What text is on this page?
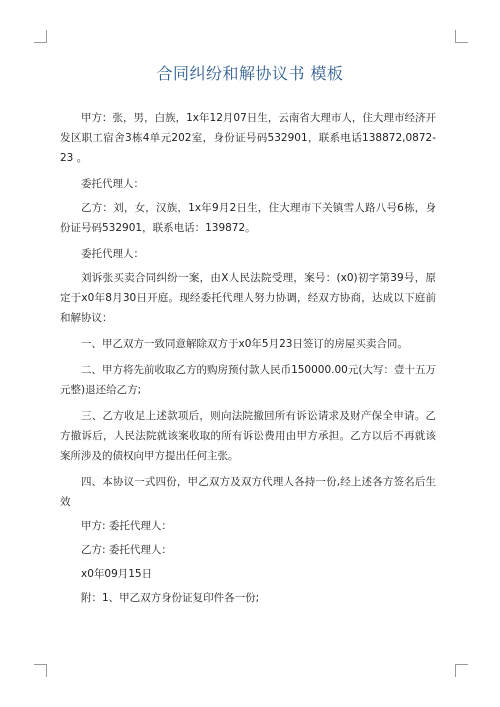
合同纠纷和解协议书 模板

甲方：张，男，白族，1x年12月07日生，云南省大理市人，住大理市经济开发区职工宿舍3栋4单元202室，身份证号码532901，联系电话138872,0872-23 。

委托代理人：

乙方：刘，女，汉族，1x年9月2日生，住大理市下关镇雪人路八号6栋，身份证号码532901，联系电话：139872。

委托代理人：

刘诉张买卖合同纠纷一案，由X人民法院受理，案号：(x0)初字第39号，原定于x0年8月30日开庭。现经委托代理人努力协调，经双方协商，达成以下庭前和解协议：

一、甲乙双方一致同意解除双方于x0年5月23日签订的房屋买卖合同。

二、甲方将先前收取乙方的购房预付款人民币150000.00元(大写：壹十五万元整)退还给乙方;

三、乙方收足上述款项后，则向法院撤回所有诉讼请求及财产保全申请。乙方撤诉后，人民法院就该案收取的所有诉讼费用由甲方承担。乙方以后不再就该案所涉及的债权向甲方提出任何主张。

四、本协议一式四份，甲乙双方及双方代理人各持一份,经上述各方签名后生效

甲方: 委托代理人：

乙方: 委托代理人：

x0年09月15日

附：1、甲乙双方身份证复印件各一份;
